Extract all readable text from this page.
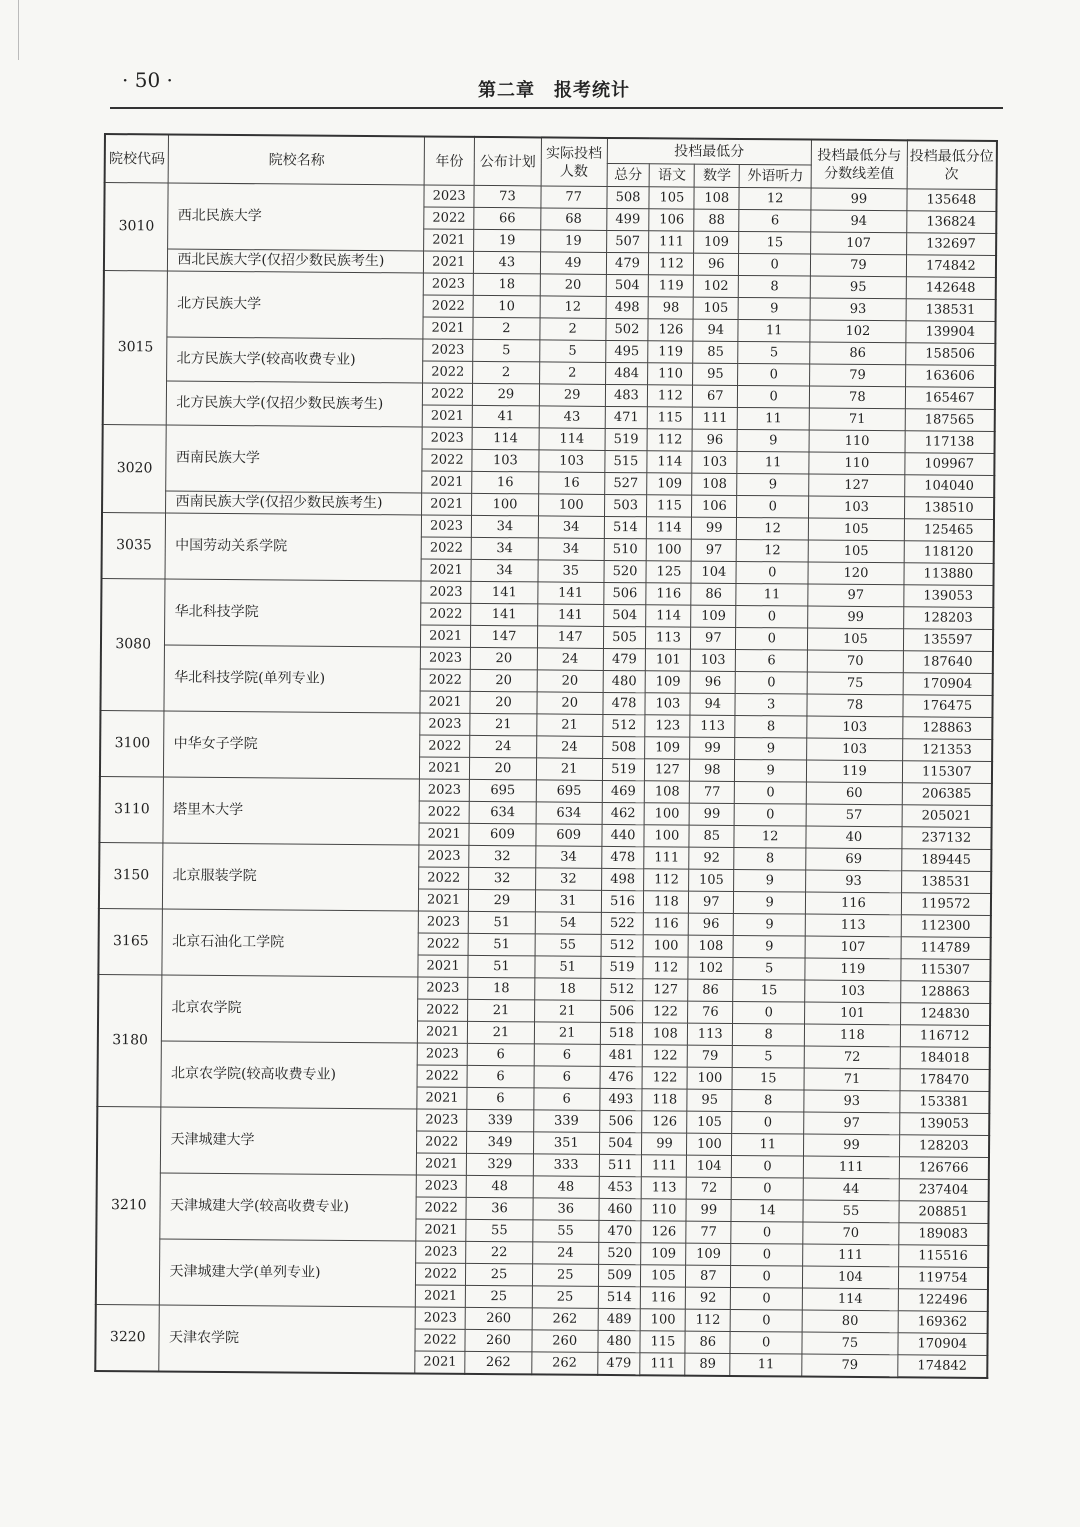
· 50 ·	第二章　报考统计
院校代码	院校名称	年份	公布计划	实际投档人数	投档最低分				投档最低分与分数线差值	投档最低分位次
					总分	语文	数学	外语听力		
3010	西北民族大学	2023	73	77	508	105	108	12	99	135648
		2022	66	68	499	106	88	6	94	136824
		2021	19	19	507	111	109	15	107	132697
	西北民族大学(仅招少数民族考生)	2021	43	49	479	112	96	0	79	174842
3015	北方民族大学	2023	18	20	504	119	102	8	95	142648
		2022	10	12	498	98	105	9	93	138531
		2021	2	2	502	126	94	11	102	139904
	北方民族大学(较高收费专业)	2023	5	5	495	119	85	5	86	158506
		2022	2	2	484	110	95	0	79	163606
	北方民族大学(仅招少数民族考生)	2022	29	29	483	112	67	0	78	165467
		2021	41	43	471	115	111	11	71	187565
3020	西南民族大学	2023	114	114	519	112	96	9	110	117138
		2022	103	103	515	114	103	11	110	109967
		2021	16	16	527	109	108	9	127	104040
	西南民族大学(仅招少数民族考生)	2021	100	100	503	115	106	0	103	138510
3035	中国劳动关系学院	2023	34	34	514	114	99	12	105	125465
		2022	34	34	510	100	97	12	105	118120
		2021	34	35	520	125	104	0	120	113880
3080	华北科技学院	2023	141	141	506	116	86	11	97	139053
		2022	141	141	504	114	109	0	99	128203
		2021	147	147	505	113	97	0	105	135597
	华北科技学院(单列专业)	2023	20	24	479	101	103	6	70	187640
		2022	20	20	480	109	96	0	75	170904
		2021	20	20	478	103	94	3	78	176475
3100	中华女子学院	2023	21	21	512	123	113	8	103	128863
		2022	24	24	508	109	99	9	103	121353
		2021	20	21	519	127	98	9	119	115307
3110	塔里木大学	2023	695	695	469	108	77	0	60	206385
		2022	634	634	462	100	99	0	57	205021
		2021	609	609	440	100	85	12	40	237132
3150	北京服装学院	2023	32	34	478	111	92	8	69	189445
		2022	32	32	498	112	105	9	93	138531
		2021	29	31	516	118	97	9	116	119572
3165	北京石油化工学院	2023	51	54	522	116	96	9	113	112300
		2022	51	55	512	100	108	9	107	114789
		2021	51	51	519	112	102	5	119	115307
3180	北京农学院	2023	18	18	512	127	86	15	103	128863
		2022	21	21	506	122	76	0	101	124830
		2021	21	21	518	108	113	8	118	116712
	北京农学院(较高收费专业)	2023	6	6	481	122	79	5	72	184018
		2022	6	6	476	122	100	15	71	178470
		2021	6	6	493	118	95	8	93	153381
3210	天津城建大学	2023	339	339	506	126	105	0	97	139053
		2022	349	351	504	99	100	11	99	128203
		2021	329	333	511	111	104	0	111	126766
	天津城建大学(较高收费专业)	2023	48	48	453	113	72	0	44	237404
		2022	36	36	460	110	99	14	55	208851
		2021	55	55	470	126	77	0	70	189083
	天津城建大学(单列专业)	2023	22	24	520	109	109	0	111	115516
		2022	25	25	509	105	87	0	104	119754
		2021	25	25	514	116	92	0	114	122496
3220	天津农学院	2023	260	262	489	100	112	0	80	169362
		2022	260	260	480	115	86	0	75	170904
		2021	262	262	479	111	89	11	79	174842
